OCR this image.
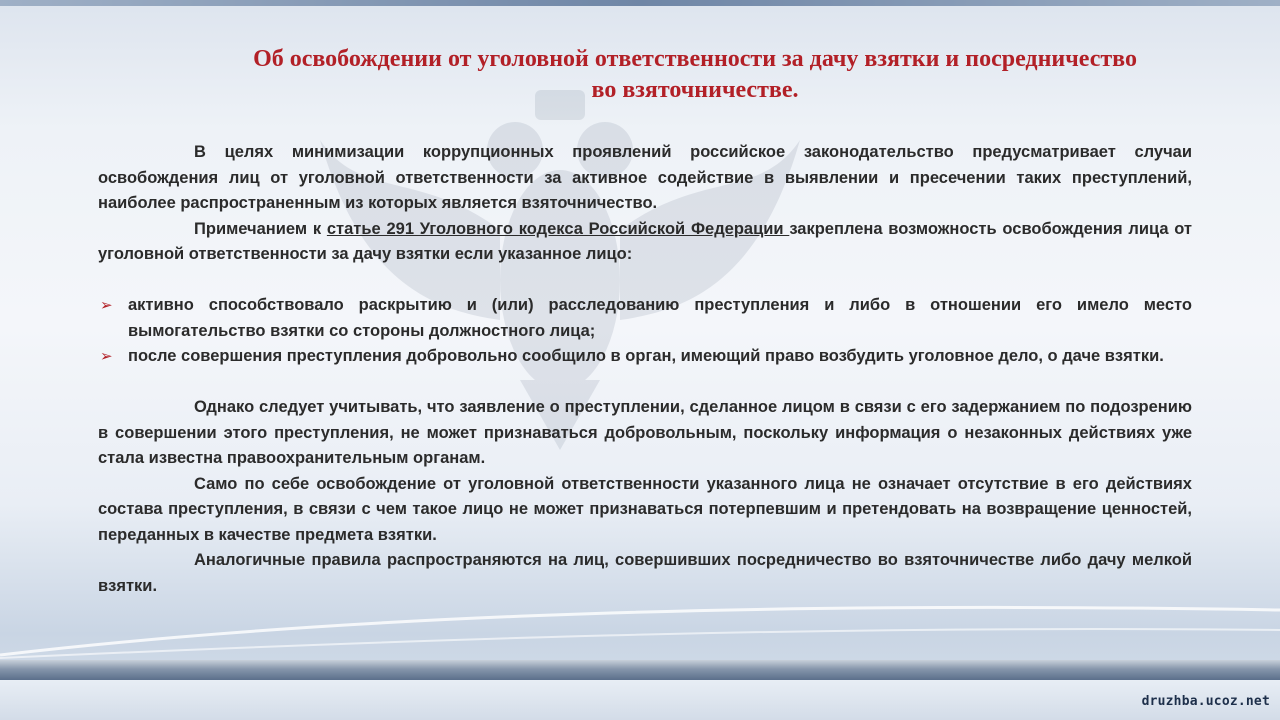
Об освобождении от уголовной ответственности за дачу взятки и посредничество
во взяточничестве.

В целях минимизации коррупционных проявлений российское законодательство предусматривает случаи освобождения лиц от уголовной ответственности за активное содействие в выявлении и пресечении таких преступлений, наиболее распространенным из которых является взяточничество.

Примечанием к статье 291 Уголовного кодекса Российской Федерации закреплена возможность освобождения лица от уголовной ответственности за дачу взятки если указанное лицо:

➢ активно способствовало раскрытию и (или) расследованию преступления и либо в отношении его имело место вымогательство взятки со стороны должностного лица;
➢ после совершения преступления добровольно сообщило в орган, имеющий право возбудить уголовное дело, о даче взятки.

Однако следует учитывать, что заявление о преступлении, сделанное лицом в связи с его задержанием по подозрению в совершении этого преступления, не может признаваться добровольным, поскольку информация о незаконных действиях уже стала известна правоохранительным органам.

Само по себе освобождение от уголовной ответственности указанного лица не означает отсутствие в его действиях состава преступления, в связи с чем такое лицо не может признаваться потерпевшим и претендовать на возвращение ценностей, переданных в качестве предмета взятки.

Аналогичные правила распространяются на лиц, совершивших посредничество во взяточничестве либо дачу мелкой взятки.

druzhba.ucoz.net
